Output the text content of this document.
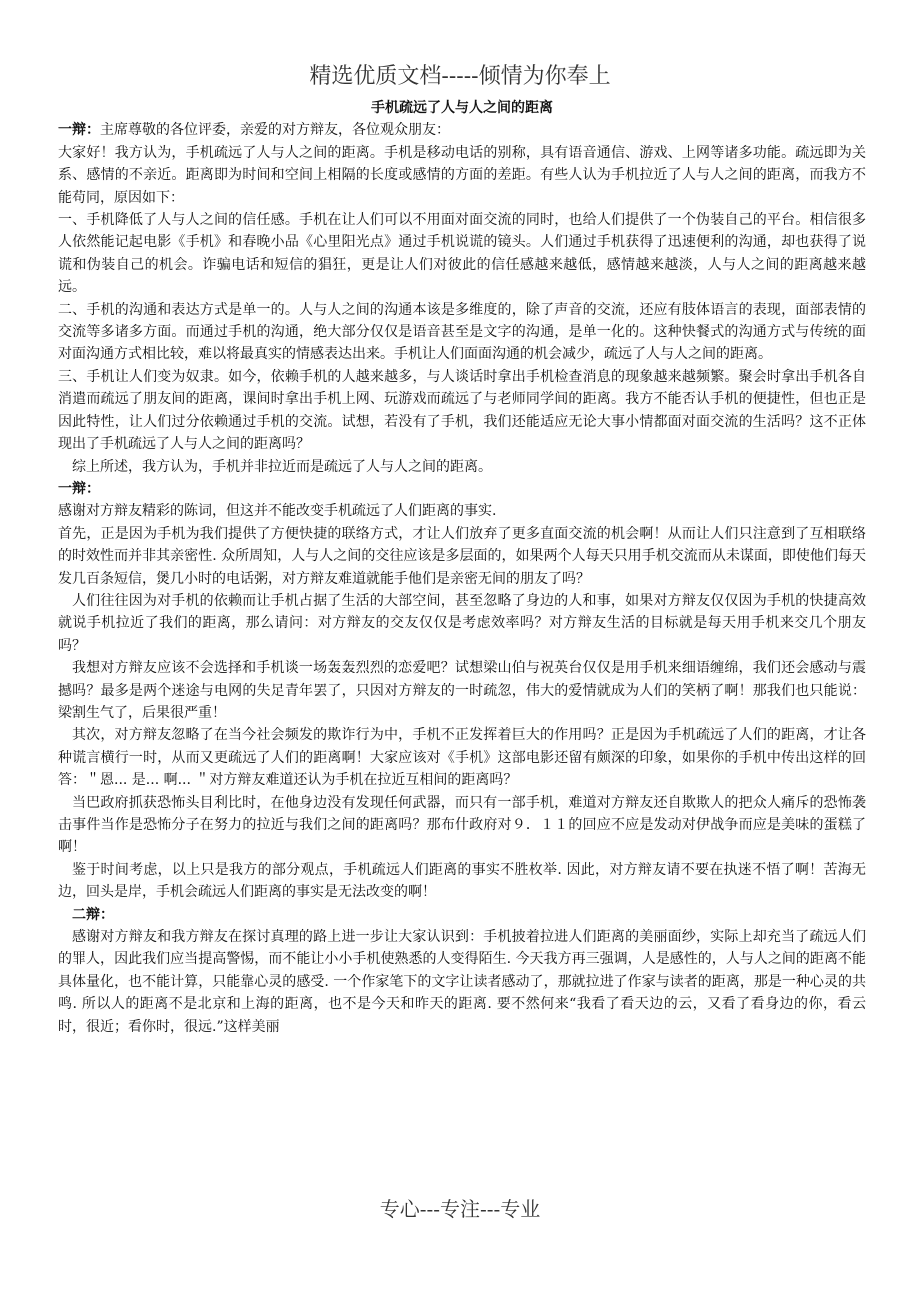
精选优质文档-----倾情为你奉上
手机疏远了人与人之间的距离

一辩：主席尊敬的各位评委，亲爱的对方辩友，各位观众朋友：

大家好！我方认为，手机疏远了人与人之间的距离。手机是移动电话的别称，具有语音通信、游戏、上网等诸多功能。疏远即为关系、感情的不亲近。距离即为时间和空间上相隔的长度或感情的方面的差距。有些人认为手机拉近了人与人之间的距离，而我方不能苟同，原因如下：

一、手机降低了人与人之间的信任感。手机在让人们可以不用面对面交流的同时，也给人们提供了一个伪装自己的平台。相信很多人依然能记起电影《手机》和春晚小品《心里阳光点》通过手机说谎的镜头。人们通过手机获得了迅速便利的沟通，却也获得了说谎和伪装自己的机会。诈骗电话和短信的猖狂，更是让人们对彼此的信任感越来越低，感情越来越淡，人与人之间的距离越来越远。

二、手机的沟通和表达方式是单一的。人与人之间的沟通本该是多维度的，除了声音的交流，还应有肢体语言的表现，面部表情的交流等多诸多方面。而通过手机的沟通，绝大部分仅仅是语音甚至是文字的沟通，是单一化的。这种快餐式的沟通方式与传统的面对面沟通方式相比较，难以将最真实的情感表达出来。手机让人们面面沟通的机会减少，疏远了人与人之间的距离。

三、手机让人们变为奴隶。如今，依赖手机的人越来越多，与人谈话时拿出手机检查消息的现象越来越频繁。聚会时拿出手机各自消遣而疏远了朋友间的距离，课间时拿出手机上网、玩游戏而疏远了与老师同学间的距离。我方不能否认手机的便捷性，但也正是因此特性，让人们过分依赖通过手机的交流。试想，若没有了手机，我们还能适应无论大事小情都面对面交流的生活吗？这不正体现出了手机疏远了人与人之间的距离吗？

综上所述，我方认为，手机并非拉近而是疏远了人与人之间的距离。

一辩：

感谢对方辩友精彩的陈词，但这并不能改变手机疏远了人们距离的事实.

首先，正是因为手机为我们提供了方便快捷的联络方式，才让人们放弃了更多直面交流的机会啊！从而让人们只注意到了互相联络的时效性而并非其亲密性. 众所周知，人与人之间的交往应该是多层面的，如果两个人每天只用手机交流而从未谋面，即使他们每天发几百条短信，煲几小时的电话粥，对方辩友难道就能手他们是亲密无间的朋友了吗？

人们往往因为对手机的依赖而让手机占据了生活的大部空间，甚至忽略了身边的人和事，如果对方辩友仅仅因为手机的快捷高效就说手机拉近了我们的距离，那么请问：对方辩友的交友仅仅是考虑效率吗？对方辩友生活的目标就是每天用手机来交几个朋友吗？

我想对方辩友应该不会选择和手机谈一场轰轰烈烈的恋爱吧？试想梁山伯与祝英台仅仅是用手机来细语缠绵，我们还会感动与震撼吗？最多是两个迷途与电网的失足青年罢了，只因对方辩友的一时疏忽，伟大的爱情就成为人们的笑柄了啊！那我们也只能说：梁割生气了，后果很严重！

其次，对方辩友忽略了在当今社会频发的欺诈行为中，手机不正发挥着巨大的作用吗？正是因为手机疏远了人们的距离，才让各种谎言横行一时，从而又更疏远了人们的距离啊！大家应该对《手机》这部电影还留有颇深的印象，如果你的手机中传出这样的回答：＂恩... 是... 啊... ＂对方辩友难道还认为手机在拉近互相间的距离吗？

当巴政府抓获恐怖头目利比时，在他身边没有发现任何武器，而只有一部手机，难道对方辩友还自欺欺人的把众人痛斥的恐怖袭击事件当作是恐怖分子在努力的拉近与我们之间的距离吗？那布什政府对９．１１的回应不应是发动对伊战争而应是美味的蛋糕了啊！

鉴于时间考虑，以上只是我方的部分观点，手机疏远人们距离的事实不胜枚举. 因此，对方辩友请不要在执迷不悟了啊！苦海无边，回头是岸，手机会疏远人们距离的事实是无法改变的啊！

二辩：

感谢对方辩友和我方辩友在探讨真理的路上进一步让大家认识到：手机披着拉进人们距离的美丽面纱，实际上却充当了疏远人们的罪人，因此我们应当提高警惕，而不能让小小手机使熟悉的人变得陌生. 今天我方再三强调，人是感性的，人与人之间的距离不能具体量化，也不能计算，只能靠心灵的感受. 一个作家笔下的文字让读者感动了，那就拉进了作家与读者的距离，那是一种心灵的共鸣. 所以人的距离不是北京和上海的距离，也不是今天和昨天的距离. 要不然何来“我看了看天边的云，又看了看身边的你，看云时，很近；看你时，很远.”这样美丽

专心---专注---专业
